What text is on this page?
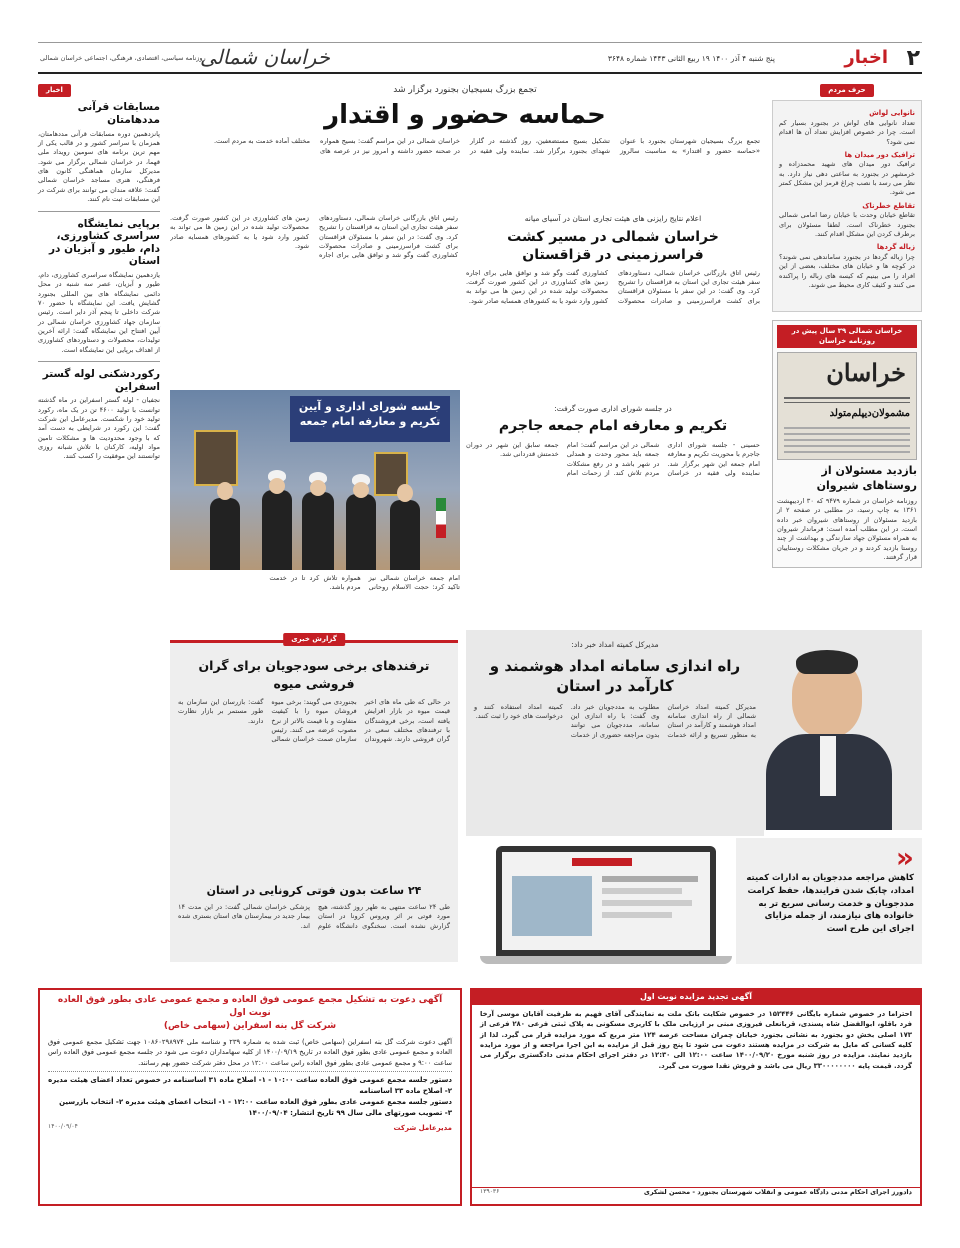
۲
اخبار
پنج شنبه ۴ آذر ۱۴۰۰ ۱۹ ربیع الثانی ۱۴۴۳ شماره ۳۶۴۸
خراسان شمالی
روزنامه سیاسی، اقتصادی، فرهنگی، اجتماعی خراسان شمالی
حرف مردم
نانوایی لواش
تعداد نانوایی های لواش در بجنورد بسیار کم است. چرا در خصوص افزایش تعداد آن ها اقدام نمی شود؟
ترافیک دور میدان ها
ترافیک دور میدان های شهید محمدزاده و خرمشهر در بجنورد به ساعتی دهی نیاز دارد. به نظر می رسد با نصب چراغ قرمز این مشکل کمتر می شود.
تقاطع خطرناک
تقاطع خیابان وحدت با خیابان رضا امامی شمالی بجنورد خطرناک است. لطفا مسئولان برای برطرف کردن این مشکل اقدام کنند.
زباله گردها
چرا زباله گردها در بجنورد ساماندهی نمی شوند؟ در کوچه ها و خیابان های مختلف، بعضی از این افراد را می بینیم که کیسه های زباله را پراکنده می کنند و کثیف کاری محیط می شوند.
خراسان شمالی ۳۹ سال پیش در روزنامه خراسان
خراسان
مشمولان‌دیپلم‌متولد
بازدید مسئولان از روستاهای شیروان
روزنامه خراسان در شماره ۹۴۷۹ که ۳۰ اردیبهشت ۱۳۶۱ به چاپ رسید، در مطلبی در صفحه ۲ از بازدید مسئولان از روستاهای شیروان خبر داده است. در این مطلب آمده است: فرماندار شیروان به همراه مسئولان جهاد سازندگی و بهداشت از چند روستا بازدید کردند و در جریان مشکلات روستاییان قرار گرفتند.
اخبار
مسابقات قرآنی مددهامتان
پانزدهمین دوره مسابقات قرآنی مددهامتان، همزمان با سراسر کشور و در قالب یکی از مهم ترین برنامه های سومین رویداد ملی قهما، در خراسان شمالی برگزار می شود. مدیرکل سازمان هماهنگی کانون های فرهنگی، هنری مساجد خراسان شمالی گفت: علاقه مندان می توانند برای شرکت در این مسابقات ثبت نام کنند.
برپایی نمایشگاه سراسری کشاورزی، دام، طیور و آبزیان در استان
یازدهمین نمایشگاه سراسری کشاورزی، دام، طیور و آبزیان، عصر سه شنبه در محل دائمی نمایشگاه های بین المللی بجنورد گشایش یافت. این نمایشگاه با حضور ۷۰ شرکت داخلی تا پنجم آذر دایر است. رئیس سازمان جهاد کشاورزی خراسان شمالی در آیین افتتاح این نمایشگاه گفت: ارائه آخرین تولیدات، محصولات و دستاوردهای کشاورزی از اهداف برپایی این نمایشگاه است.
رکوردشکنی لوله گستر اسفراین
نجفیان - لوله گستر اسفراین در ماه گذشته توانست با تولید ۴۶۰۰ تن در یک ماه، رکورد تولید خود را شکست. مدیرعامل این شرکت گفت: این رکورد در شرایطی به دست آمد که با وجود محدودیت ها و مشکلات تامین مواد اولیه، کارکنان با تلاش شبانه روزی توانستند این موفقیت را کسب کنند.
تجمع بزرگ بسیجیان بجنورد برگزار شد
حماسه حضور و اقتدار
تجمع بزرگ بسیجیان شهرستان بجنورد با عنوان «حماسه حضور و اقتدار» به مناسبت سالروز تشکیل بسیج مستضعفین، روز گذشته در گلزار شهدای بجنورد برگزار شد. نماینده ولی فقیه در خراسان شمالی در این مراسم گفت: بسیج همواره در صحنه حضور داشته و امروز نیز در عرصه های مختلف آماده خدمت به مردم است.
اعلام نتایج رایزنی های هیئت تجاری استان در آسیای میانه
خراسان شمالی در مسیر کشت فراسرزمینی در قزاقستان
رئیس اتاق بازرگانی خراسان شمالی، دستاوردهای سفر هیئت تجاری این استان به قزاقستان را تشریح کرد. وی گفت: در این سفر با مسئولان قزاقستان برای کشت فراسرزمینی و صادرات محصولات کشاورزی گفت وگو شد و توافق هایی برای اجاره زمین های کشاورزی در این کشور صورت گرفت. محصولات تولید شده در این زمین ها می تواند به کشور وارد شود یا به کشورهای همسایه صادر شود.
رئیس اتاق بازرگانی خراسان شمالی، دستاوردهای سفر هیئت تجاری این استان به قزاقستان را تشریح کرد. وی گفت: در این سفر با مسئولان قزاقستان برای کشت فراسرزمینی و صادرات محصولات کشاورزی گفت وگو شد و توافق هایی برای اجاره زمین های کشاورزی در این کشور صورت گرفت. محصولات تولید شده در این زمین ها می تواند به کشور وارد شود یا به کشورهای همسایه صادر شود.
جلسه شورای اداری و آیین تکریم و معارفه امام جمعه
امام جمعه خراسان شمالی نیز تاکید کرد: حجت الاسلام روحانی همواره تلاش کرد تا در خدمت مردم باشد.
در جلسه شورای اداری صورت گرفت:
تکریم و معارفه امام جمعه جاجرم
حسینی - جلسه شورای اداری جاجرم با محوریت تکریم و معارفه امام جمعه این شهر برگزار شد. نماینده ولی فقیه در خراسان شمالی در این مراسم گفت: امام جمعه باید محور وحدت و همدلی در شهر باشد و در رفع مشکلات مردم تلاش کند. از زحمات امام جمعه سابق این شهر در دوران خدمتش قدردانی شد.
مدیرکل کمیته امداد خبر داد:
راه اندازی سامانه امداد هوشمند و کارآمد در استان
مدیرکل کمیته امداد خراسان شمالی از راه اندازی سامانه امداد هوشمند و کارآمد در استان به منظور تسریع و ارائه خدمات مطلوب به مددجویان خبر داد. وی گفت: با راه اندازی این سامانه، مددجویان می توانند بدون مراجعه حضوری از خدمات کمیته امداد استفاده کنند و درخواست های خود را ثبت کنند.
«
کاهش مراجعه مددجویان به ادارات کمیته امداد، چابک شدن فرایندها، حفظ کرامت مددجویان و خدمت رسانی سریع تر به خانواده های نیازمند، از جمله مزایای اجرای این طرح است
گزارش خبری
ترفندهای برخی سودجویان برای گران فروشی میوه
در حالی که طی ماه های اخیر قیمت میوه در بازار افزایش یافته است، برخی فروشندگان با ترفندهای مختلف سعی در گران فروشی دارند. شهروندان بجنوردی می گویند: برخی میوه فروشان میوه را با کیفیت متفاوت و با قیمت بالاتر از نرخ مصوب عرضه می کنند. رئیس سازمان صمت خراسان شمالی گفت: بازرسان این سازمان به طور مستمر بر بازار نظارت دارند.
۲۴ ساعت بدون فوتی کرونایی در استان
طی ۲۴ ساعت منتهی به ظهر روز گذشته، هیچ مورد فوتی بر اثر ویروس کرونا در استان گزارش نشده است. سخنگوی دانشگاه علوم پزشکی خراسان شمالی گفت: در این مدت ۱۴ بیمار جدید در بیمارستان های استان بستری شده اند.
آگهی دعوت به تشکیل مجمع عمومی فوق العاده و مجمع عمومی عادی بطور فوق العاده نوبت اول
شرکت گل بنه اسفراین (سهامی خاص)
آگهی دعوت شرکت گل بنه اسفراین (سهامی خاص) ثبت شده به شماره ۲۳۹ و شناسه ملی ۱۰۸۶۰۲۹۸۹۷۴ جهت تشکیل مجمع عمومی فوق العاده و مجمع عمومی عادی بطور فوق العاده در تاریخ ۱۴۰۰/۰۹/۱۹ از کلیه سهامداران دعوت می شود در جلسه مجمع عمومی فوق العاده راس ساعت ۹:۰۰ و مجمع عمومی عادی بطور فوق العاده راس ساعت ۱۲:۰۰ در محل دفتر شرکت حضور بهم رسانند.
دستور جلسه مجمع عمومی فوق العاده ساعت ۱۰:۰۰ - ۱- اصلاح ماده ۳۱ اساسنامه در خصوص تعداد اعضای هیئت مدیره
۲- اصلاح ماده ۳۳ اساسنامه
دستور جلسه مجمع عمومی عادی بطور فوق العاده ساعت ۱۲:۰۰ - ۱- انتخاب اعضای هیئت مدیره ۲- انتخاب بازرسین
۳- تصویب صورتهای مالی سال ۹۹ تاریخ انتشار: ۱۴۰۰/۰۹/۰۴
مدیرعامل شرکت
۱۴۰۰/۰۹/۰۴
آگهی تجدید مزایده نوبت اول
احتراما در خصوص شماره بایگانی ۱۵۲۴۴۶ در خصوص شکایت بانک ملت به نمایندگی آقای فهیم به طرفیت آقایان موسی آرخا فرد باقلو، ابوالفضل شاه پسندی، قربانعلی فیروزی مبنی بر ارزیابی ملک با کاربری مسکونی به پلاک ثبتی فرعی ۲۸۰ فرعی از ۱۷۳ اصلی بخش دو بجنورد به نشانی بجنورد خیابان چمران مساحت عرصه ۱۲۴ متر مربع که مورد مزایده قرار می گیرد. لذا از کلیه کسانی که مایل به شرکت در مزایده هستند دعوت می شود تا پنج روز قبل از مزایده به این اجرا مراجعه و از مورد مزایده بازدید نمایند. مزایده در روز شنبه مورخ ۱۴۰۰/۰۹/۲۰ ساعت ۱۲:۰۰ الی ۱۲:۳۰ در دفتر اجرای احکام مدنی دادگستری برگزار می گردد. قیمت پایه ۳۳۰۰۰۰۰۰۰۰ ریال می باشد و فروش نقدا صورت می گیرد.
دادورز اجرای احکام مدنی دادگاه عمومی و انقلاب شهرستان بجنورد - محسن لشکری
۱۳۹۰۳۶
